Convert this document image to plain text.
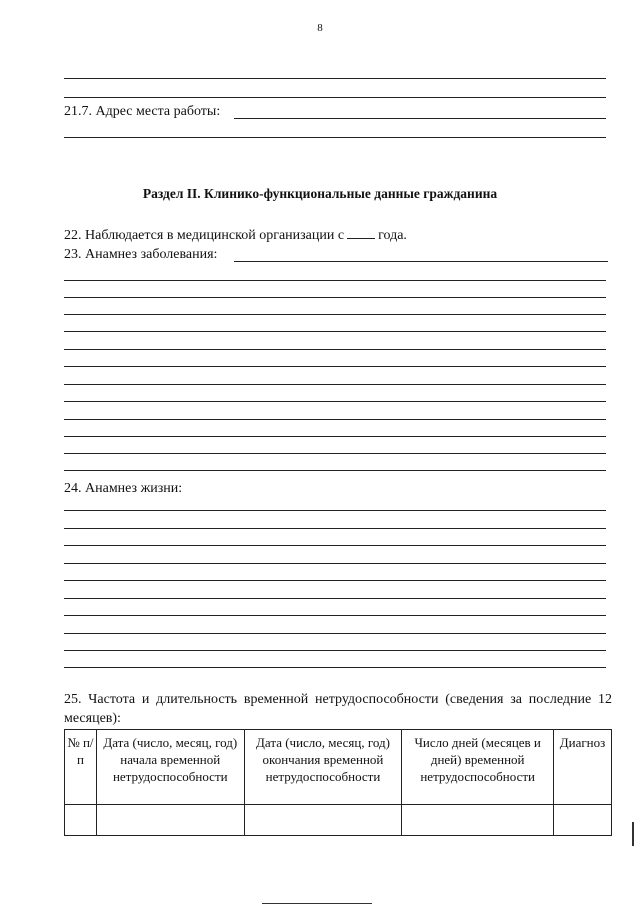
8
21.7. Адрес места работы:
Раздел II. Клинико-функциональные данные гражданина
22. Наблюдается в медицинской организации с года.
23. Анамнез заболевания:
24. Анамнез жизни:
25. Частота и длительность временной нетрудоспособности (сведения за последние 12 месяцев):
№ п/п	Дата (число, месяц, год) начала временной нетрудоспособности	Дата (число, месяц, год) окончания временной нетрудоспособности	Число дней (месяцев и дней) временной нетрудоспособности	Диагноз
